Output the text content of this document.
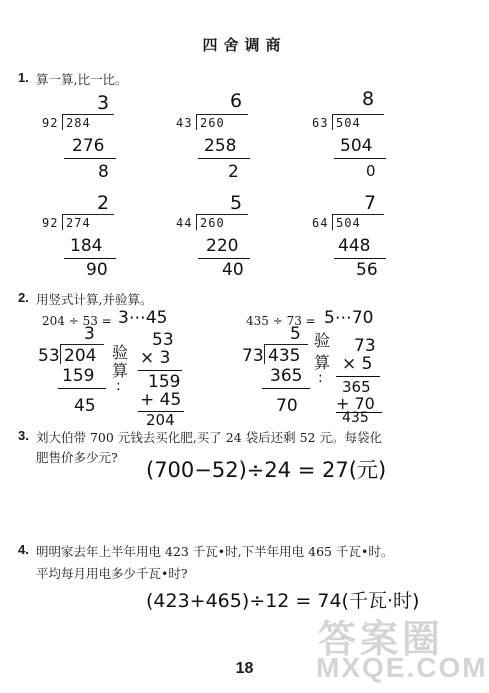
四舍调商
1. 算一算,比一比。
3
92 284
276
8
6
43 260
258
2
8
63 504
504
0
2
92 274
184
90
5
44 260
220
40
7
64 504
448
56
2. 用竖式计算,并验算。
204 ÷ 53 = 3⋯45
3
53 204
159
45
验
算
:
53
× 3
159
+ 45
204
435 ÷ 73 = 5⋯70
5
73 435
365
70
验
算
:
73
× 5
365
+ 70
435
3. 刘大伯带 700 元钱去买化肥,买了 24 袋后还剩 52 元。每袋化
肥售价多少元?
(700−52)÷24 = 27(元)
4. 明明家去年上半年用电 423 千瓦•时,下半年用电 465 千瓦•时。
平均每月用电多少千瓦•时?
(423+465)÷12 = 74(千瓦·时)
答案圈
MXQE.COM
18
